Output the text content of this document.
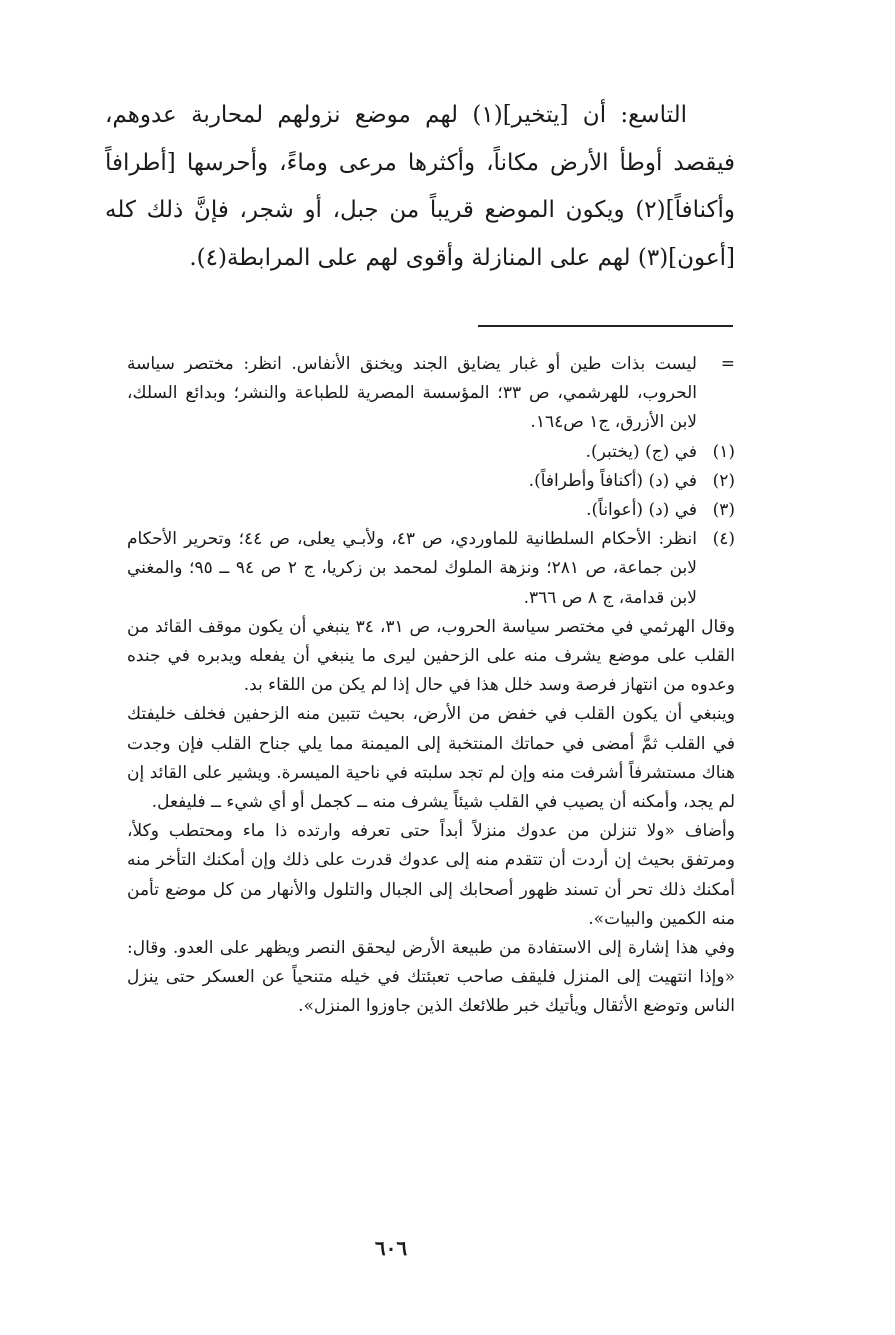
التاسع: أن [يتخير](١) لهم موضع نزولهم لمحاربة عدوهم، فيقصد أوطأ الأرض مكاناً، وأكثرها مرعى وماءً، وأحرسها [أطرافاً وأكنافاً](٢) ويكون الموضع قريباً من جبل، أو شجر، فإنَّ ذلك كله [أعون](٣) لهم على المنازلة وأقوى لهم على المرابطة(٤).

=
ليست بذات طين أو غبار يضايق الجند ويخنق الأنفاس. انظر: مختصر سياسة الحروب، للهرشمي، ص ٣٣؛ المؤسسة المصرية للطباعة والنشر؛ وبدائع السلك، لابن الأزرق، ج١ ص١٦٤.
(١)
في (ج) (يختبر).
(٢)
في (د) (أكنافاً وأطرافاً).
(٣)
في (د) (أعواناً).
(٤)
انظر: الأحكام السلطانية للماوردي، ص ٤٣، ولأبـي يعلى، ص ٤٤؛ وتحرير الأحكام لابن جماعة، ص ٢٨١؛ ونزهة الملوك لمحمد بن زكريا، ج ٢ ص ٩٤ ــ ٩٥؛ والمغني لابن قدامة، ج ٨ ص ٣٦٦.

وقال الهرثمي في مختصر سياسة الحروب، ص ٣١، ٣٤ ينبغي أن يكون موقف القائد من القلب على موضع يشرف منه على الزحفين ليرى ما ينبغي أن يفعله ويدبره في جنده وعدوه من انتهاز فرصة وسد خلل هذا في حال إذا لم يكن من اللقاء بد.

وينبغي أن يكون القلب في خفض من الأرض، بحيث تتبين منه الزحفين فخلف خليفتك في القلب ثمَّ أمضى في حماتك المنتخبة إلى الميمنة مما يلي جناح القلب فإن وجدت هناك مستشرفاً أشرفت منه وإن لم تجد سلبته في ناحية الميسرة. ويشير على القائد إن لم يجد، وأمكنه أن يصيب في القلب شيئاً يشرف منه ــ كجمل أو أي شيء ــ فليفعل.

وأضاف «ولا تنزلن من عدوك منزلاً أبداً حتى تعرفه وارتده ذا ماء ومحتطب وكلأ، ومرتفق بحيث إن أردت أن تتقدم منه إلى عدوك قدرت على ذلك وإن أمكنك التأخر منه أمكنك ذلك تحر أن تسند ظهور أصحابك إلى الجبال والتلول والأنهار من كل موضع تأمن منه الكمين والبيات».

وفي هذا إشارة إلى الاستفادة من طبيعة الأرض ليحقق النصر ويظهر على العدو. وقال: «وإذا انتهيت إلى المنزل فليقف صاحب تعبئتك في خيله متنحياً عن العسكر حتى ينزل الناس وتوضع الأثقال ويأتيك خبر طلائعك الذين جاوزوا المنزل».

٦٠٦
